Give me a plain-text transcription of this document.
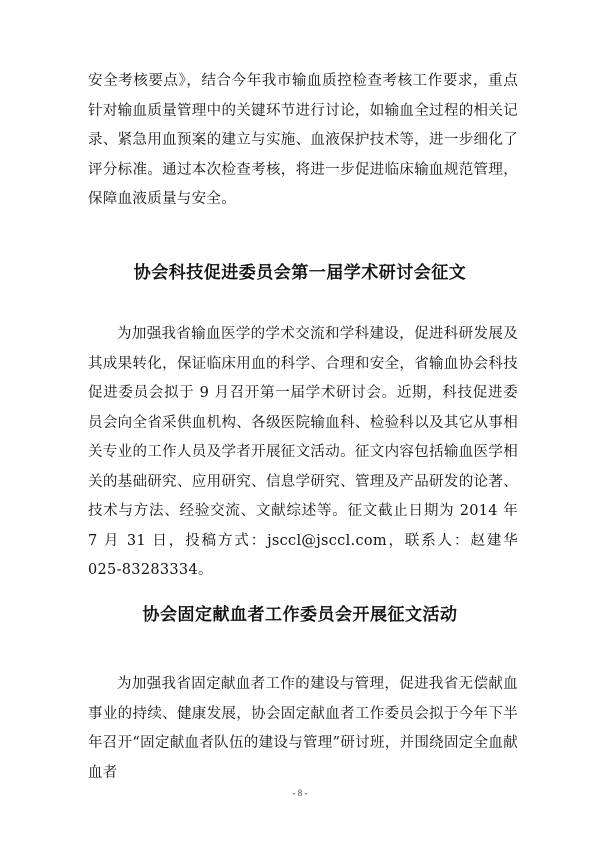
安全考核要点》，结合今年我市输血质控检查考核工作要求，重点针对输血质量管理中的关键环节进行讨论，如输血全过程的相关记录、紧急用血预案的建立与实施、血液保护技术等，进一步细化了评分标准。通过本次检查考核，将进一步促进临床输血规范管理，保障血液质量与安全。

协会科技促进委员会第一届学术研讨会征文

为加强我省输血医学的学术交流和学科建设，促进科研发展及其成果转化，保证临床用血的科学、合理和安全，省输血协会科技促进委员会拟于 9 月召开第一届学术研讨会。近期，科技促进委员会向全省采供血机构、各级医院输血科、检验科以及其它从事相关专业的工作人员及学者开展征文活动。征文内容包括输血医学相关的基础研究、应用研究、信息学研究、管理及产品研发的论著、技术与方法、经验交流、文献综述等。征文截止日期为 2014 年 7 月 31 日，投稿方式：jsccl@jsccl.com，联系人：赵建华　025-83283334。

协会固定献血者工作委员会开展征文活动

为加强我省固定献血者工作的建设与管理，促进我省无偿献血事业的持续、健康发展，协会固定献血者工作委员会拟于今年下半年召开“固定献血者队伍的建设与管理”研讨班，并围绕固定全血献血者

- 8 -
